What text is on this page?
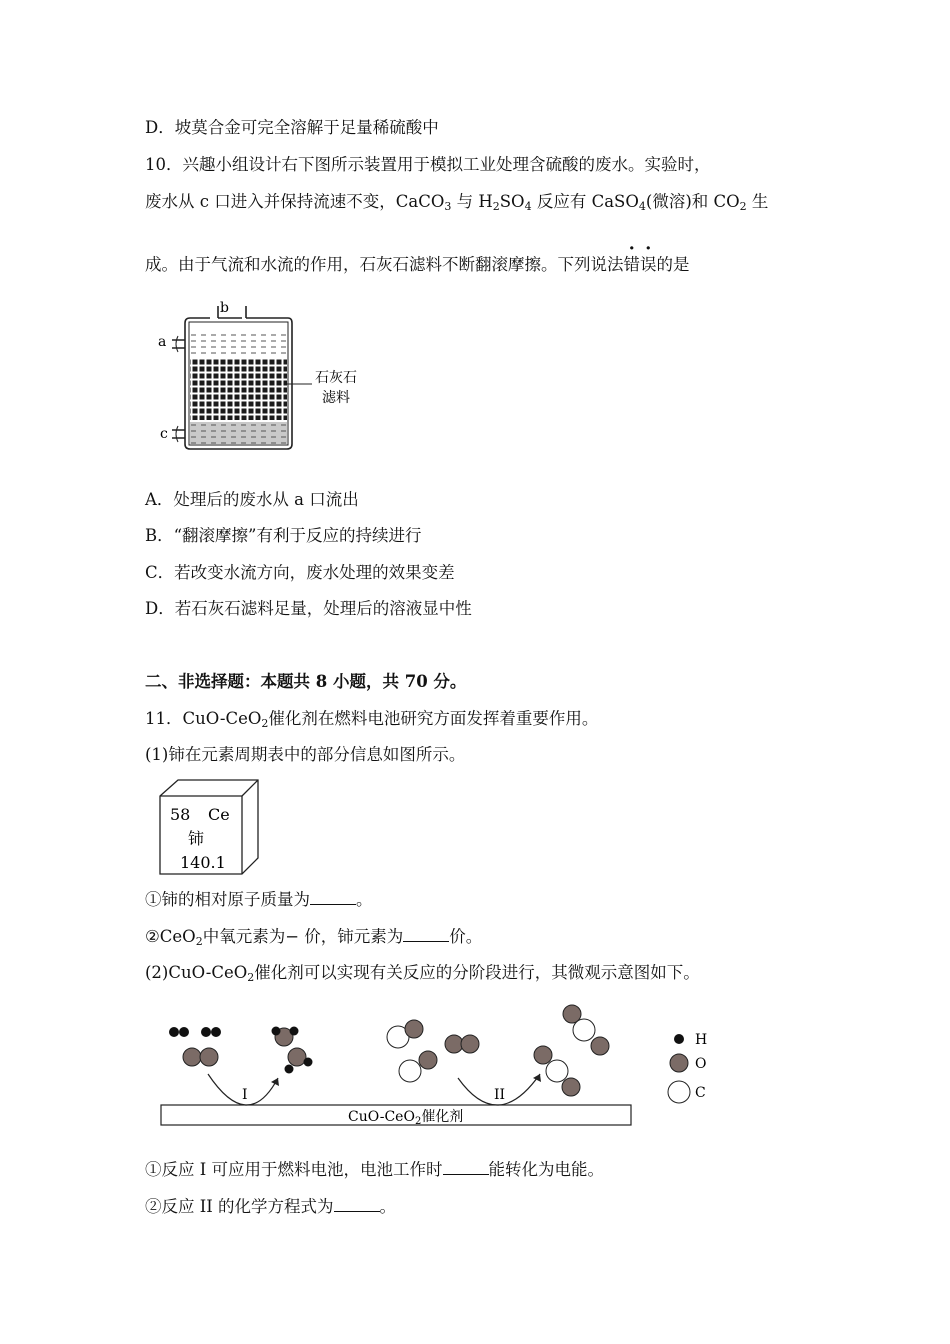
D．坡莫合金可完全溶解于足量稀硫酸中
10．兴趣小组设计右下图所示装置用于模拟工业处理含硫酸的废水。实验时，
废水从 c 口进入并保持流速不变，CaCO$_3$ 与 $H_2SO_4$ 反应有 CaSO$_4$(微溶)和 $CO_2$ 生
成。由于气流和水流的作用，石灰石滤料不断翻滚摩擦。下列说法错误的是
a
b
c
石灰石
滤料
A．处理后的废水从 a 口流出
B．“翻滚摩擦”有利于反应的持续进行
C．若改变水流方向，废水处理的效果变差
D．若石灰石滤料足量，处理后的溶液显中性
二、非选择题：本题共 8 小题，共 70 分。
11．CuO-CeO$_2$催化剂在燃料电池研究方面发挥着重要作用。
(1)铈在元素周期表中的部分信息如图所示。
58 Ce
铈
140.1
①铈的相对原子质量为	。
②CeO$_2$中氧元素为− 价，铈元素为	价。
(2)CuO-CeO$_2$催化剂可以实现有关反应的分阶段进行，其微观示意图如下。
CuO-CeO$_2$催化剂
I	II
H
O
C
①反应 I 可应用于燃料电池，电池工作时	能转化为电能。
②反应 II 的化学方程式为	。
